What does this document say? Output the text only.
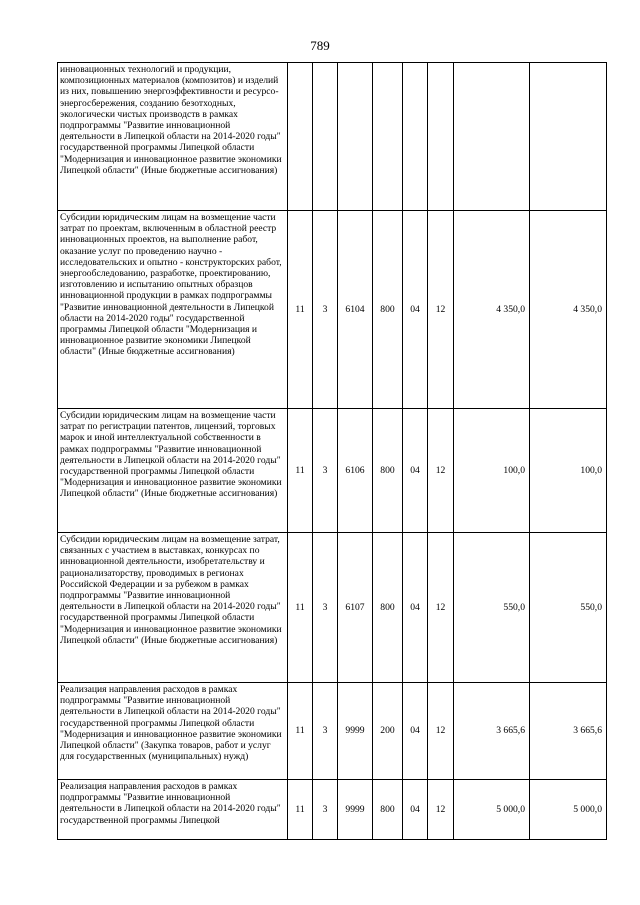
789
инновационных технологий и продукции, композиционных материалов (композитов) и изделий из них, повышению энергоэффективности и ресурсо-энергосбережения, созданию безотходных, экологически чистых производств в рамках подпрограммы "Развитие инновационной деятельности в Липецкой области на 2014-2020 годы" государственной программы Липецкой области "Модернизация и инновационное развитие экономики Липецкой области" (Иные бюджетные ассигнования)								
Субсидии юридическим лицам на возмещение части затрат по проектам, включенным в областной реестр инновационных проектов, на выполнение работ, оказание услуг по проведению научно - исследовательских и опытно - конструкторских работ, энергообследованию, разработке, проектированию, изготовлению и испытанию опытных образцов инновационной продукции в рамках подпрограммы "Развитие инновационной деятельности в Липецкой области на 2014-2020 годы" государственной программы Липецкой области "Модернизация и инновационное развитие экономики Липецкой области" (Иные бюджетные ассигнования)	11	3	6104	800	04	12	4 350,0	4 350,0
Субсидии юридическим лицам на возмещение части затрат по регистрации патентов, лицензий, торговых марок и иной интеллектуальной собственности в рамках подпрограммы "Развитие инновационной деятельности в Липецкой области на 2014-2020 годы" государственной программы Липецкой области "Модернизация и инновационное развитие экономики Липецкой области" (Иные бюджетные ассигнования)	11	3	6106	800	04	12	100,0	100,0
Субсидии юридическим лицам на возмещение затрат, связанных с участием в выставках, конкурсах по инновационной деятельности, изобретательству и рационализаторству, проводимых в регионах Российской Федерации и за рубежом в рамках подпрограммы "Развитие инновационной деятельности в Липецкой области на 2014-2020 годы" государственной программы Липецкой области "Модернизация и инновационное развитие экономики Липецкой области" (Иные бюджетные ассигнования)	11	3	6107	800	04	12	550,0	550,0
Реализация направления расходов в рамках подпрограммы "Развитие инновационной деятельности в Липецкой области на 2014-2020 годы" государственной программы Липецкой области "Модернизация и инновационное развитие экономики Липецкой области" (Закупка товаров, работ и услуг для государственных (муниципальных) нужд)	11	3	9999	200	04	12	3 665,6	3 665,6
Реализация направления расходов в рамках подпрограммы "Развитие инновационной деятельности в Липецкой области на 2014-2020 годы" государственной программы Липецкой	11	3	9999	800	04	12	5 000,0	5 000,0
